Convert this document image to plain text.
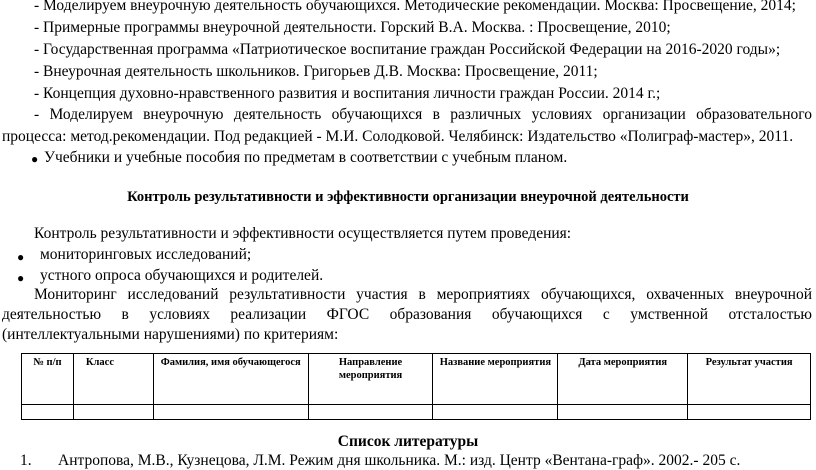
- Моделируем внеурочную деятельность обучающихся. Методические рекомендации. Москва: Просвещение, 2014;
- Примерные программы внеурочной деятельности. Горский В.А. Москва. : Просвещение, 2010;
- Государственная программа «Патриотическое воспитание граждан Российской Федерации на 2016-2020 годы»;
- Внеурочная деятельность школьников. Григорьев Д.В. Москва: Просвещение, 2011;
- Концепция духовно-нравственного развития и воспитания личности граждан России. 2014 г.;
- Моделируем внеурочную деятельность обучающихся в различных условиях организации образовательного
процесса: метод.рекомендации. Под редакцией - М.И. Солодковой. Челябинск: Издательство «Полиграф-мастер», 2011.
● Учебники и учебные пособия по предметам в соответствии с учебным планом.
Контроль результативности и эффективности организации внеурочной деятельности
Контроль результативности и эффективности осуществляется путем проведения:
● мониторинговых исследований;
● устного опроса обучающихся и родителей.
Мониторинг исследований результативности участия в мероприятиях обучающихся, охваченных внеурочной
деятельностью в условиях реализации ФГОС образования обучающихся с умственной отсталостью
(интеллектуальными нарушениями) по критериям:
№ п/п	Класс	Фамилия, имя обучающегося	Направление мероприятия	Название мероприятия	Дата мероприятия	Результат участия

Список литературы
1. Антропова, М.В., Кузнецова, Л.М. Режим дня школьника. М.: изд. Центр «Вентана-граф». 2002.- 205 с.
